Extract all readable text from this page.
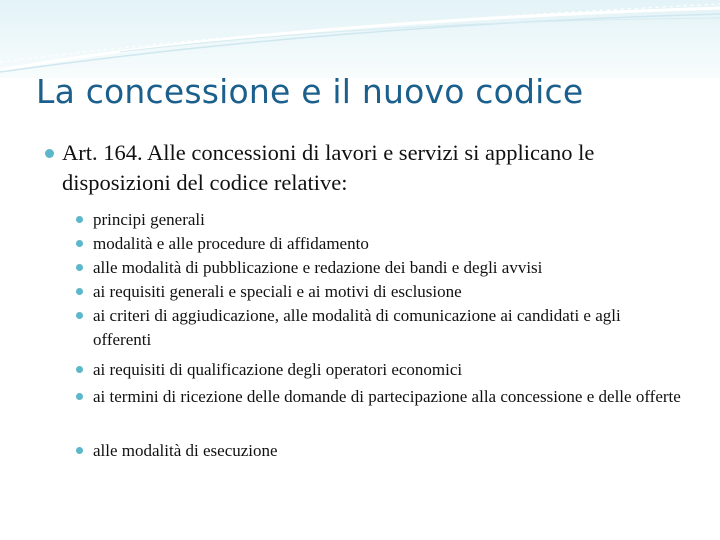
La concessione e il nuovo codice
Art. 164. Alle concessioni di lavori e servizi si applicano le disposizioni del codice relative:
principi generali
modalità e alle procedure di affidamento
alle modalità di pubblicazione e redazione dei bandi e degli avvisi
ai requisiti generali e speciali e ai motivi di esclusione
ai criteri di aggiudicazione, alle modalità di comunicazione ai candidati e agli offerenti
ai requisiti di qualificazione degli operatori economici
ai termini di ricezione delle domande di partecipazione alla concessione e delle offerte
alle modalità di esecuzione
